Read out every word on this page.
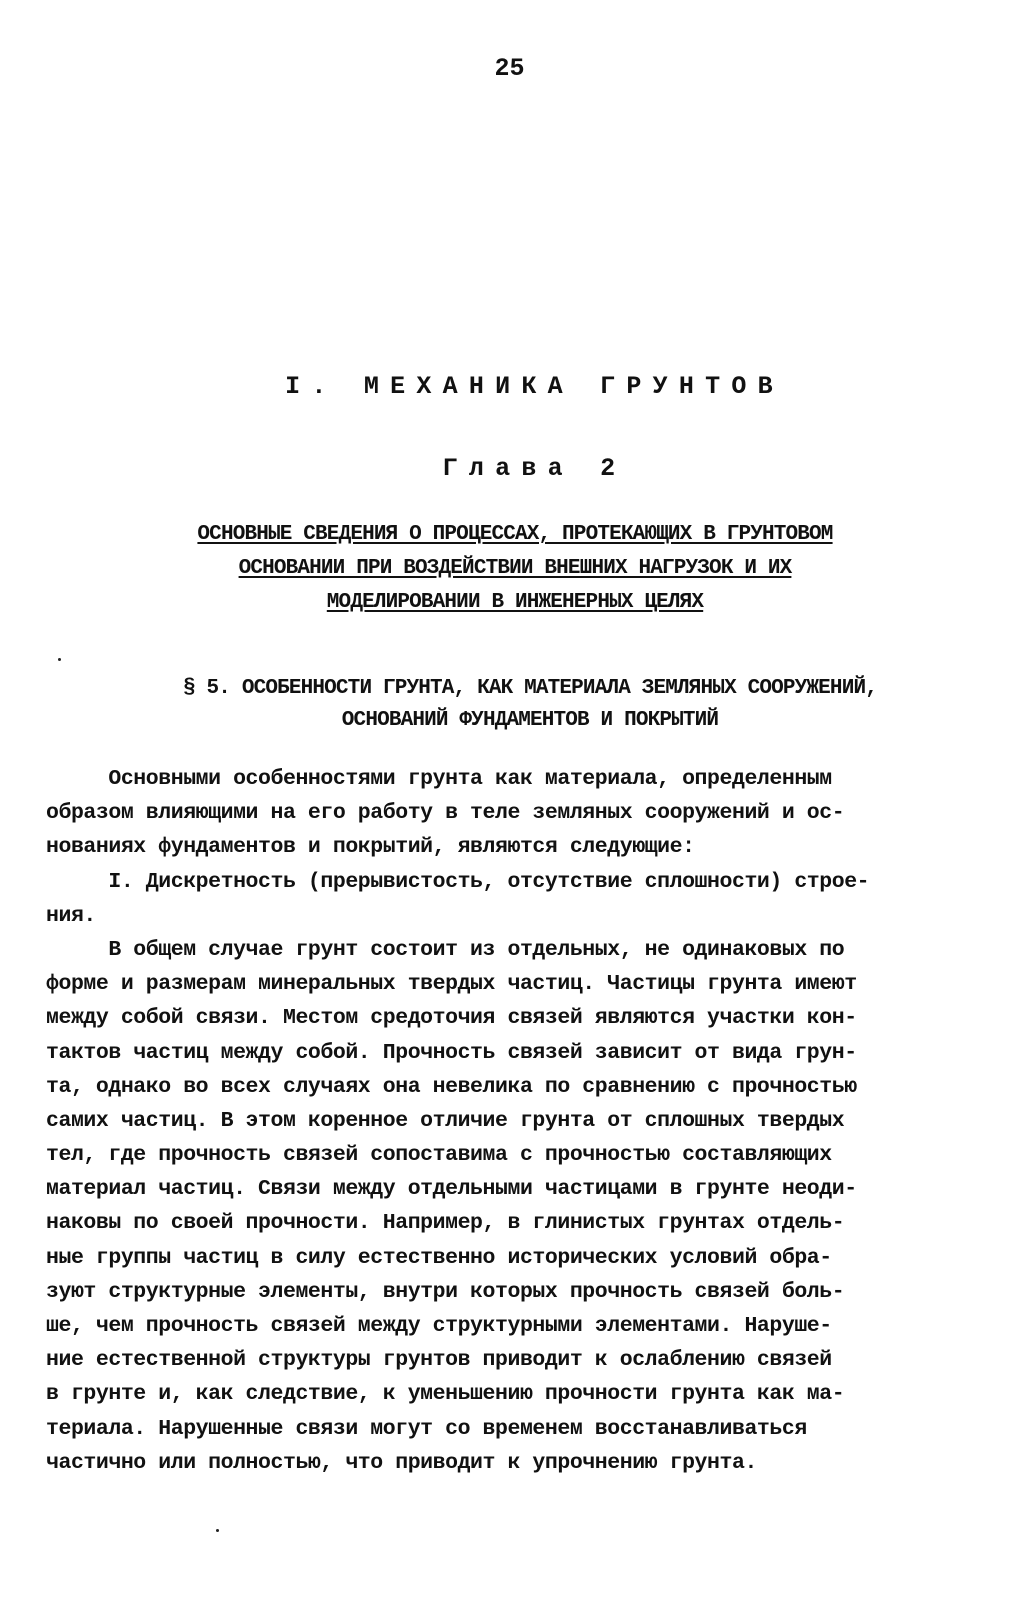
25
I. МЕХАНИКА ГРУНТОВ
Глава 2
ОСНОВНЫЕ СВЕДЕНИЯ О ПРОЦЕССАХ, ПРОТЕКАЮЩИХ В ГРУНТОВОМ
ОСНОВАНИИ ПРИ ВОЗДЕЙСТВИИ ВНЕШНИХ НАГРУЗОК И ИХ
МОДЕЛИРОВАНИИ В ИНЖЕНЕРНЫХ ЦЕЛЯХ
§ 5. ОСОБЕННОСТИ ГРУНТА, КАК МАТЕРИАЛА ЗЕМЛЯНЫХ СООРУЖЕНИЙ,
ОСНОВАНИЙ ФУНДАМЕНТОВ И ПОКРЫТИЙ
Основными особенностями грунта как материала, определенным
образом влияющими на его работу в теле земляных сооружений и ос-
нованиях фундаментов и покрытий, являются следующие:
I. Дискретность (прерывистость, отсутствие сплошности) строе-
ния.
В общем случае грунт состоит из отдельных, не одинаковых по
форме и размерам минеральных твердых частиц. Частицы грунта имеют
между собой связи. Местом средоточия связей являются участки кон-
тактов частиц между собой. Прочность связей зависит от вида грун-
та, однако во всех случаях она невелика по сравнению с прочностью
самих частиц. В этом коренное отличие грунта от сплошных твердых
тел, где прочность связей сопоставима с прочностью составляющих
материал частиц. Связи между отдельными частицами в грунте неоди-
наковы по своей прочности. Например, в глинистых грунтах отдель-
ные группы частиц в силу естественно исторических условий обра-
зуют структурные элементы, внутри которых прочность связей боль-
ше, чем прочность связей между структурными элементами. Наруше-
ние естественной структуры грунтов приводит к ослаблению связей
в грунте и, как следствие, к уменьшению прочности грунта как ма-
териала. Нарушенные связи могут со временем восстанавливаться
частично или полностью, что приводит к упрочнению грунта.
